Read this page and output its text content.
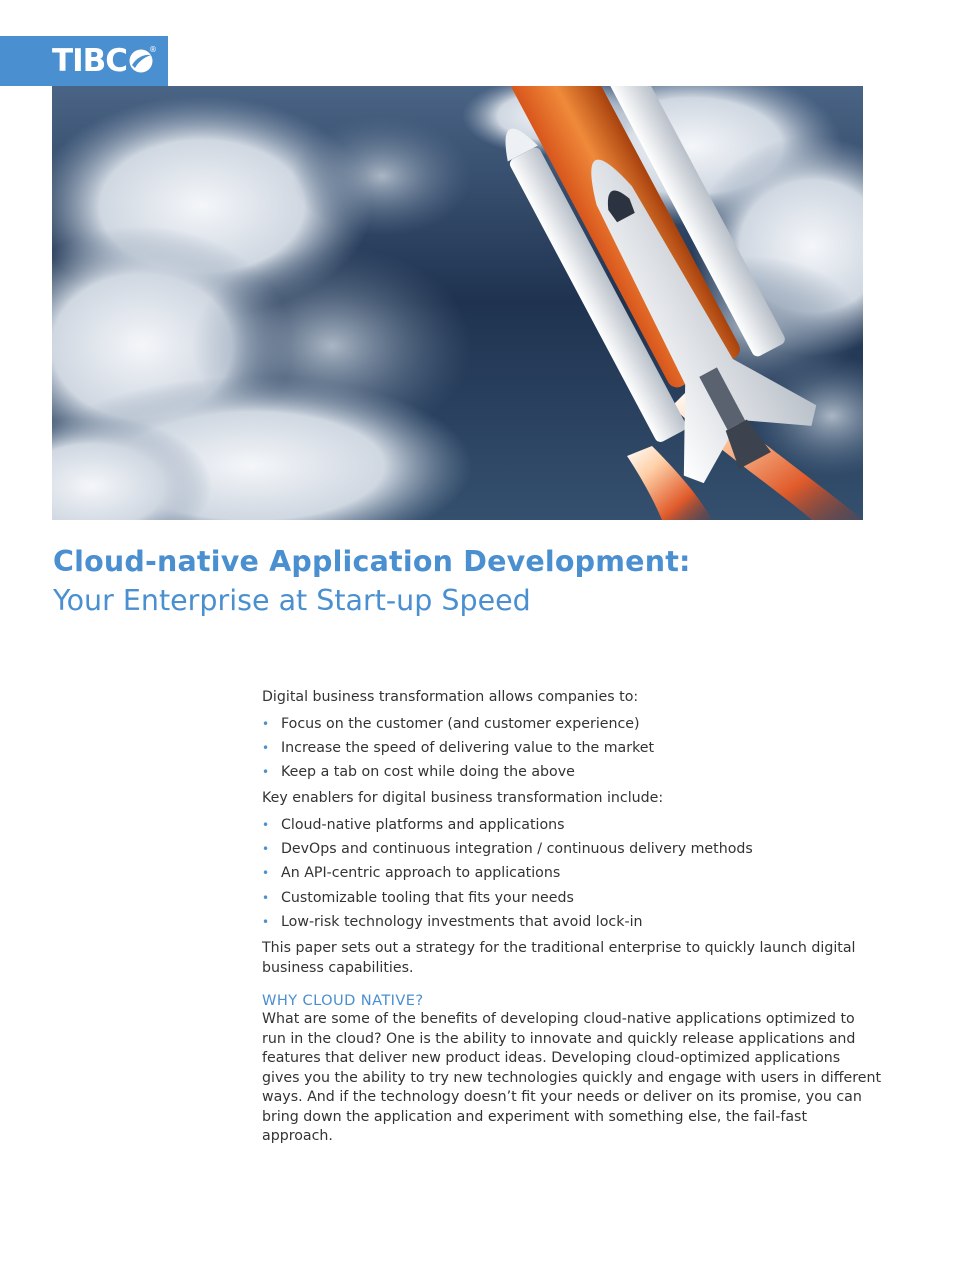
TIBC	®
Cloud-native Application Development:
Your Enterprise at Start-up Speed

Digital business transformation allows companies to:

• Focus on the customer (and customer experience)
• Increase the speed of delivering value to the market
• Keep a tab on cost while doing the above

Key enablers for digital business transformation include:

• Cloud-native platforms and applications
• DevOps and continuous integration / continuous delivery methods
• An API-centric approach to applications
• Customizable tooling that fits your needs
• Low-risk technology investments that avoid lock-in

This paper sets out a strategy for the traditional enterprise to quickly launch digital business capabilities.

WHY CLOUD NATIVE?

What are some of the benefits of developing cloud-native applications optimized to run in the cloud? One is the ability to innovate and quickly release applications and features that deliver new product ideas. Developing cloud-optimized applications gives you the ability to try new technologies quickly and engage with users in different ways. And if the technology doesn’t fit your needs or deliver on its promise, you can bring down the application and experiment with something else, the fail-fast approach.
